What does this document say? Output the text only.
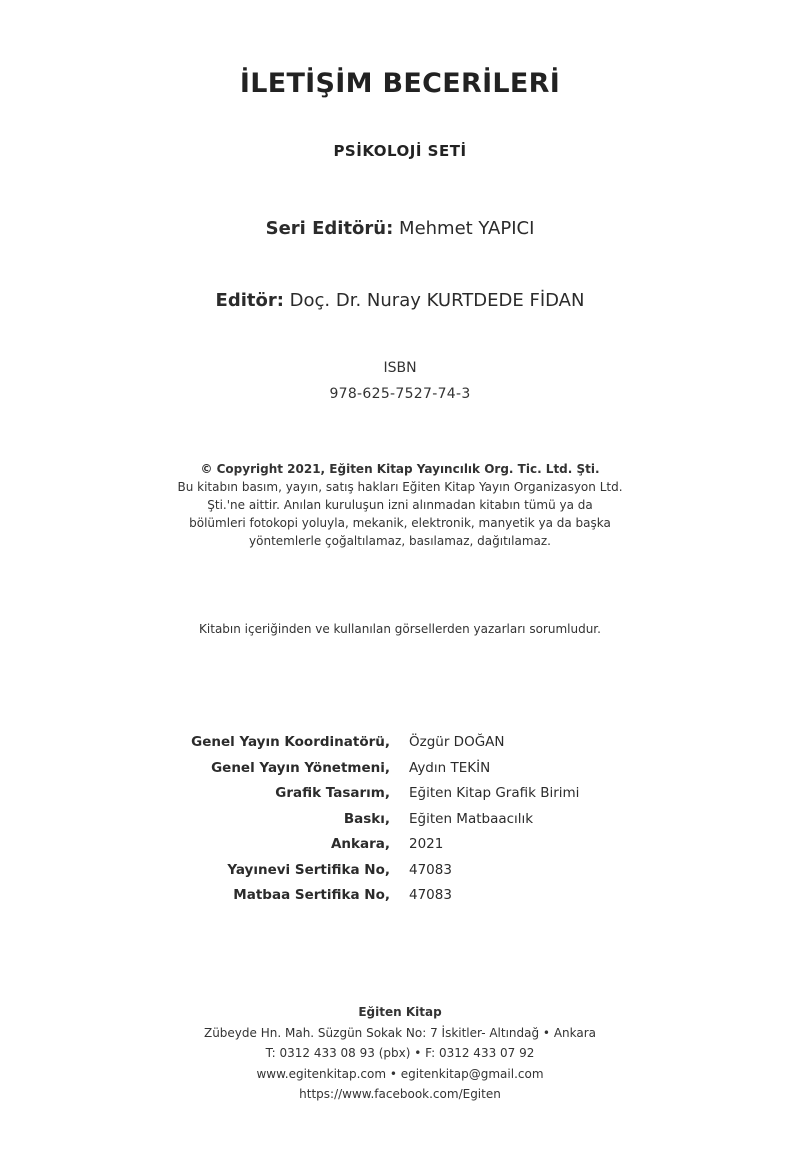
İLETİŞİM BECERİLERİ
PSİKOLOJİ SETİ
Seri Editörü: Mehmet YAPICI
Editör: Doç. Dr. Nuray KURTDEDE FİDAN
ISBN
978-625-7527-74-3
© Copyright 2021, Eğiten Kitap Yayıncılık Org. Tic. Ltd. Şti.
Bu kitabın basım, yayın, satış hakları Eğiten Kitap Yayın Organizasyon Ltd.
Şti.'ne aittir. Anılan kuruluşun izni alınmadan kitabın tümü ya da
bölümleri fotokopi yoluyla, mekanik, elektronik, manyetik ya da başka
yöntemlerle çoğaltılamaz, basılamaz, dağıtılamaz.
Kitabın içeriğinden ve kullanılan görsellerden yazarları sorumludur.
Genel Yayın Koordinatörü, Özgür DOĞAN
Genel Yayın Yönetmeni, Aydın TEKİN
Grafik Tasarım, Eğiten Kitap Grafik Birimi
Baskı, Eğiten Matbaacılık
Ankara, 2021
Yayınevi Sertifika No, 47083
Matbaa Sertifika No, 47083
Eğiten Kitap
Zübeyde Hn. Mah. Süzgün Sokak No: 7 İskitler- Altındağ • Ankara
T: 0312 433 08 93 (pbx) • F: 0312 433 07 92
www.egitenkitap.com • egitenkitap@gmail.com
https://www.facebook.com/Egiten
